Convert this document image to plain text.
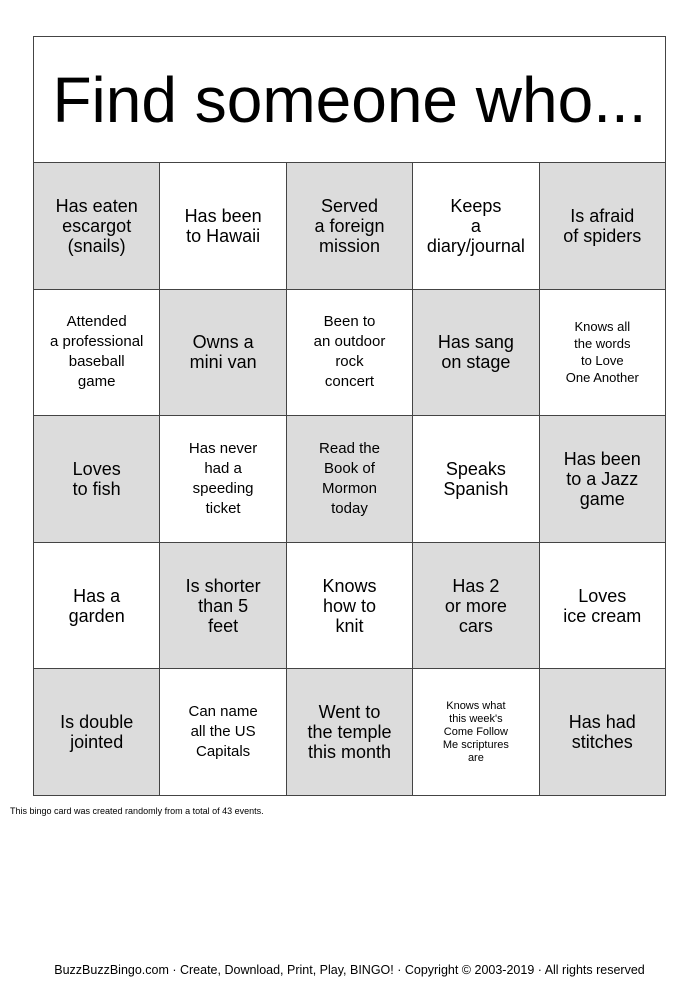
Find someone who...
Has eaten
escargot
(snails)
Has been
to Hawaii
Served
a foreign
mission
Keeps
a
diary/journal
Is afraid
of spiders
Attended
a professional
baseball
game
Owns a
mini van
Been to
an outdoor
rock
concert
Has sang
on stage
Knows all
the words
to Love
One Another
Loves
to fish
Has never
had a
speeding
ticket
Read the
Book of
Mormon
today
Speaks
Spanish
Has been
to a Jazz
game
Has a
garden
Is shorter
than 5
feet
Knows
how to
knit
Has 2
or more
cars
Loves
ice cream
Is double
jointed
Can name
all the US
Capitals
Went to
the temple
this month
Knows what
this week's
Come Follow
Me scriptures
are
Has had
stitches
This bingo card was created randomly from a total of 43 events.
BuzzBuzzBingo.com · Create, Download, Print, Play, BINGO! · Copyright © 2003-2019 · All rights reserved
